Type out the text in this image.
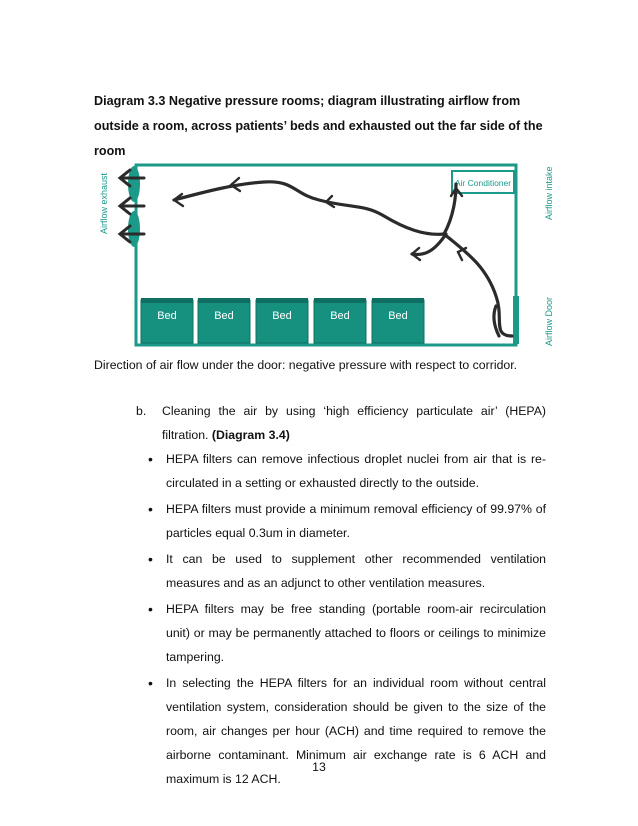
Diagram 3.3 Negative pressure rooms; diagram illustrating airflow from outside a room, across patients’ beds and exhausted out the far side of the room
Air Conditioner
Airflow exhaust	Airflow intake
Airflow Door
Bed	Bed	Bed	Bed	Bed
Direction of air flow under the door: negative pressure with respect to corridor.
b.	Cleaning the air by using ‘high efficiency particulate air’ (HEPA) filtration. (Diagram 3.4)
•	HEPA filters can remove infectious droplet nuclei from air that is re-circulated in a setting or exhausted directly to the outside.
•	HEPA filters must provide a minimum removal efficiency of 99.97% of particles equal 0.3um in diameter.
•	It can be used to supplement other recommended ventilation measures and as an adjunct to other ventilation measures.
•	HEPA filters may be free standing (portable room-air recirculation unit) or may be permanently attached to floors or ceilings to minimize tampering.
•	In selecting the HEPA filters for an individual room without central ventilation system, consideration should be given to the size of the room, air changes per hour (ACH) and time required to remove the airborne contaminant. Minimum air exchange rate is 6 ACH and maximum is 12 ACH.
13
